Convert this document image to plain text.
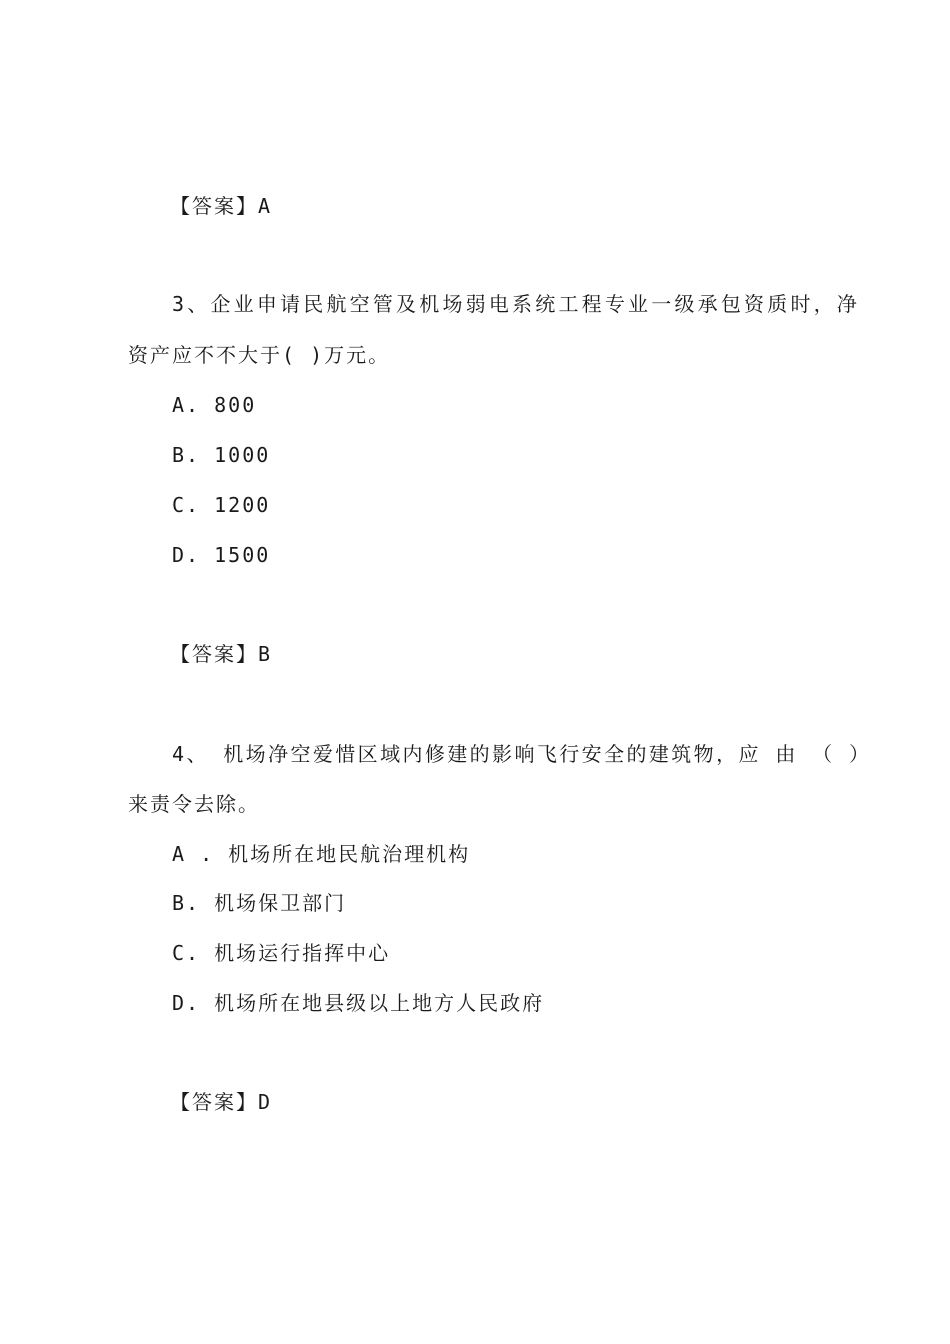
【答案】A
3、企业申请民航空管及机场弱电系统工程专业一级承包资质时，净
资产应不不大于( )万元。
A. 800
B. 1000
C. 1200
D. 1500
【答案】B
4、 机场净空爱惜区域内修建的影响飞行安全的建筑物，应 由 （ ）
来责令去除。
A . 机场所在地民航治理机构
B. 机场保卫部门
C. 机场运行指挥中心
D. 机场所在地县级以上地方人民政府
【答案】D
